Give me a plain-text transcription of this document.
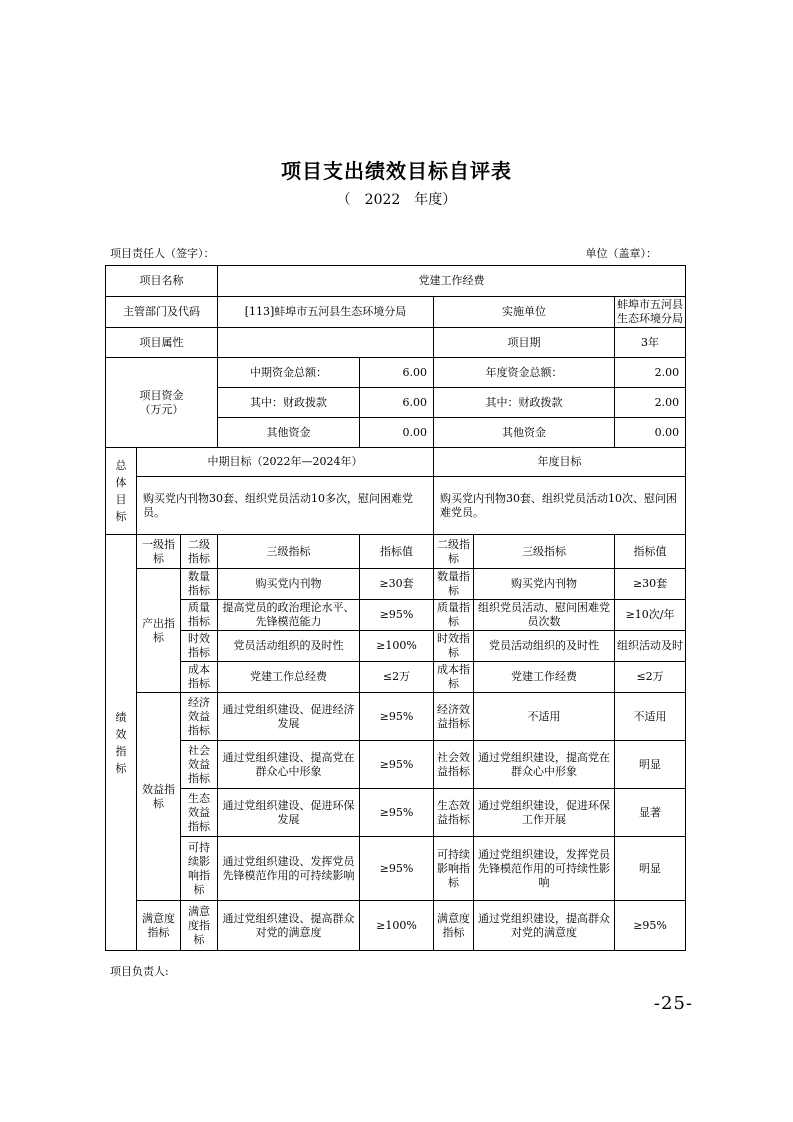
项目支出绩效目标自评表
（　2022　年度）
项目责任人（签字）：	单位（盖章）：
项目名称			党建工作经费				
主管部门及代码			[113]蚌埠市五河县生态环境分局		实施单位		蚌埠市五河县生态环境分局
项目属性					项目期		3年
项目资金（万元）			中期资金总额：	6.00	年度资金总额：		2.00
			其中：财政拨款	6.00	其中：财政拨款		2.00
			其他资金	0.00	其他资金		0.00
总体目标	中期目标（2022年—2024年）				年度目标		
	购买党内刊物30套、组织党员活动10多次，慰问困难党员。				购买党内刊物30套、组织党员活动10次、慰问困难党员。		
绩效指标	一级指标	二级指标	三级指标	指标值	二级指标	三级指标	指标值
	产出指标	数量指标	购买党内刊物	≥30套	数量指标	购买党内刊物	≥30套
		质量指标	提高党员的政治理论水平、先锋模范能力	≥95%	质量指标	组织党员活动、慰问困难党员次数	≥10次/年
		时效指标	党员活动组织的及时性	≥100%	时效指标	党员活动组织的及时性	组织活动及时
		成本指标	党建工作总经费	≤2万	成本指标	党建工作经费	≤2万
	效益指标	经济效益指标	通过党组织建设、促进经济发展	≥95%	经济效益指标	不适用	不适用
		社会效益指标	通过党组织建设、提高党在群众心中形象	≥95%	社会效益指标	通过党组织建设，提高党在群众心中形象	明显
		生态效益指标	通过党组织建设、促进环保发展	≥95%	生态效益指标	通过党组织建设，促进环保工作开展	显著
		可持续影响指标	通过党组织建设、发挥党员先锋模范作用的可持续影响	≥95%	可持续影响指标	通过党组织建设，发挥党员先锋模范作用的可持续性影响	明显
	满意度指标	满意度指标	通过党组织建设、提高群众对党的满意度	≥100%	满意度指标	通过党组织建设，提高群众对党的满意度	≥95%
项目负责人:
-25-
